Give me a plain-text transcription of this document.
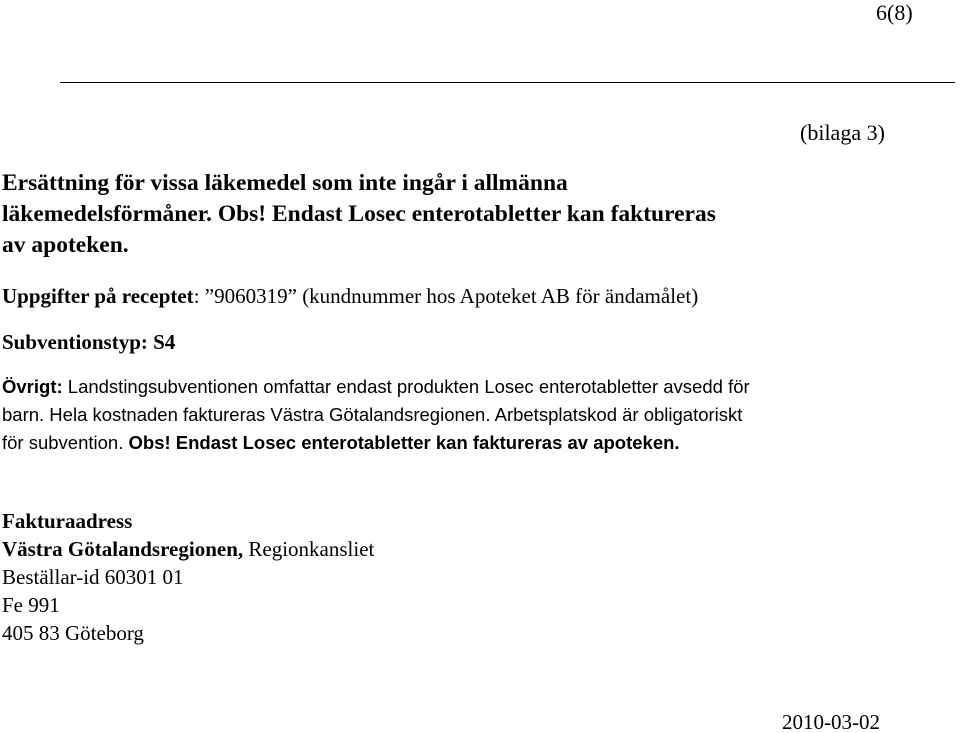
6(8)
(bilaga 3)
Ersättning för vissa läkemedel som inte ingår i allmänna
läkemedelsförmåner. Obs! Endast Losec enterotabletter kan faktureras
av apoteken.
Uppgifter på receptet: ”9060319” (kundnummer hos Apoteket AB för ändamålet)
Subventionstyp: S4
Övrigt: Landstingsubventionen omfattar endast produkten Losec enterotabletter avsedd för
barn. Hela kostnaden faktureras Västra Götalandsregionen. Arbetsplatskod är obligatoriskt
för subvention. Obs! Endast Losec enterotabletter kan faktureras av apoteken.
Fakturaadress
Västra Götalandsregionen, Regionkansliet
Beställar-id 60301 01
Fe 991
405 83 Göteborg
2010-03-02
